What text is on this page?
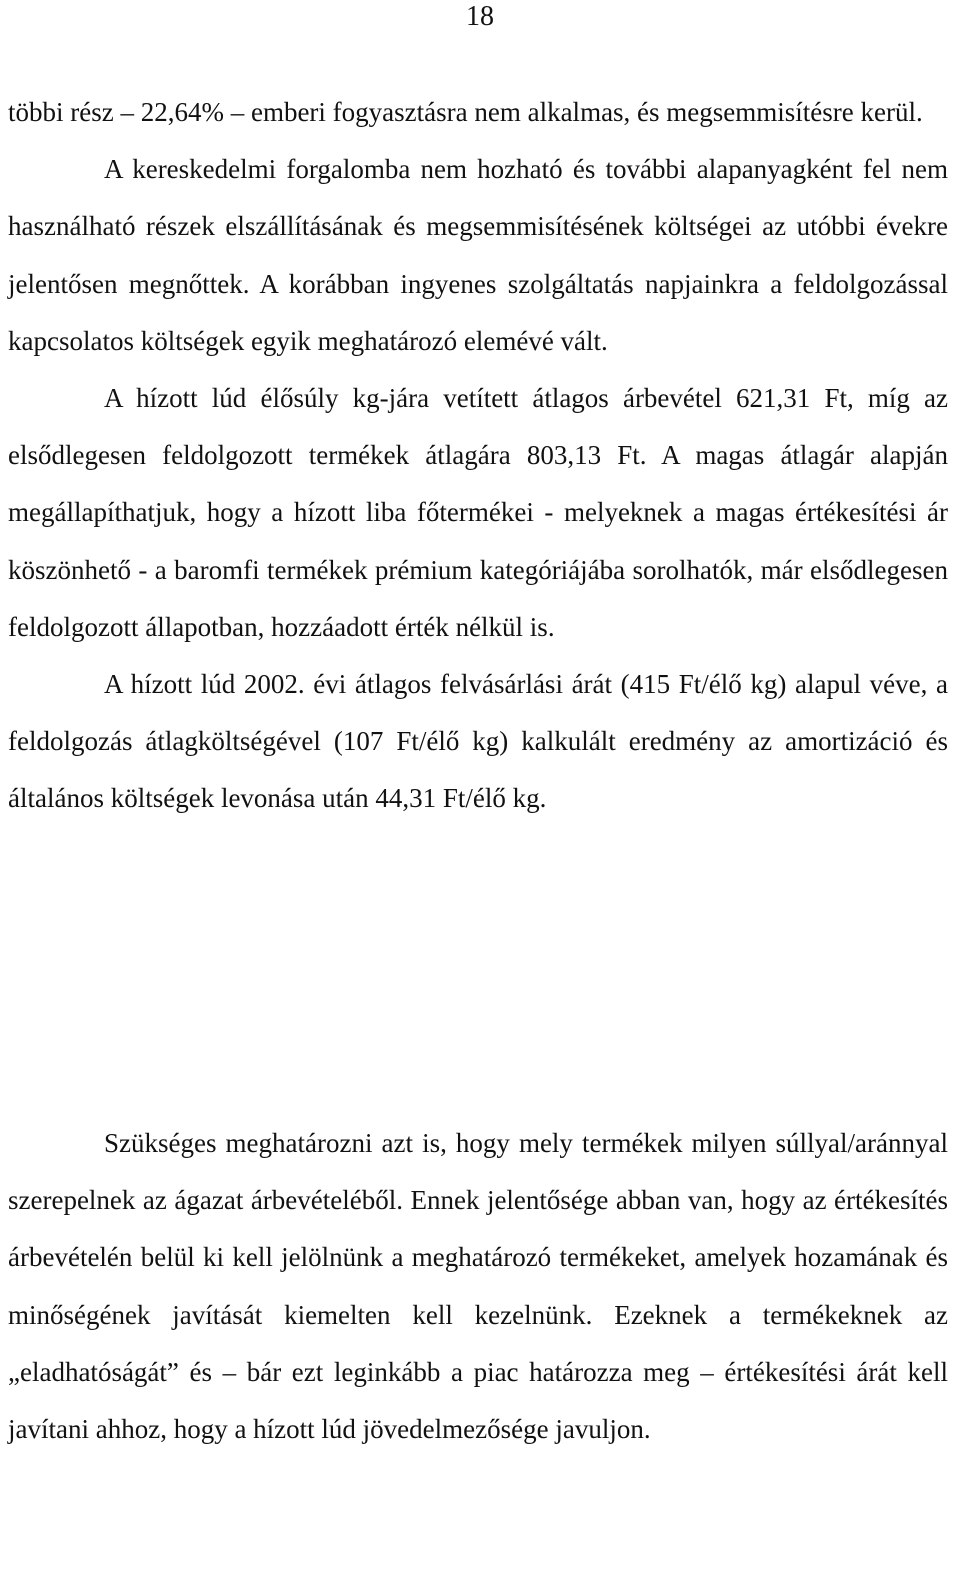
18

többi rész – 22,64% – emberi fogyasztásra nem alkalmas, és megsemmisítésre kerül.

A kereskedelmi forgalomba nem hozható és további alapanyagként fel nem használható részek elszállításának és megsemmisítésének költségei az utóbbi évekre jelentősen megnőttek. A korábban ingyenes szolgáltatás napjainkra a feldolgozással kapcsolatos költségek egyik meghatározó elemévé vált.

A hízott lúd élősúly kg-jára vetített átlagos árbevétel 621,31 Ft, míg az elsődlegesen feldolgozott termékek átlagára 803,13 Ft. A magas átlagár alapján megállapíthatjuk, hogy a hízott liba főtermékei - melyeknek a magas értékesítési ár köszönhető - a baromfi termékek prémium kategóriájába sorolhatók, már elsődlegesen feldolgozott állapotban, hozzáadott érték nélkül is.

A hízott lúd 2002. évi átlagos felvásárlási árát (415 Ft/élő kg) alapul véve, a feldolgozás átlagköltségével (107 Ft/élő kg) kalkulált eredmény az amortizáció és általános költségek levonása után 44,31 Ft/élő kg.

Szükséges meghatározni azt is, hogy mely termékek milyen súllyal/aránnyal szerepelnek az ágazat árbevételéből. Ennek jelentősége abban van, hogy az értékesítés árbevételén belül ki kell jelölnünk a meghatározó termékeket, amelyek hozamának és minőségének javítását kiemelten kell kezelnünk. Ezeknek a termékeknek az „eladhatóságát” és – bár ezt leginkább a piac határozza meg – értékesítési árát kell javítani ahhoz, hogy a hízott lúd jövedelmezősége javuljon.
